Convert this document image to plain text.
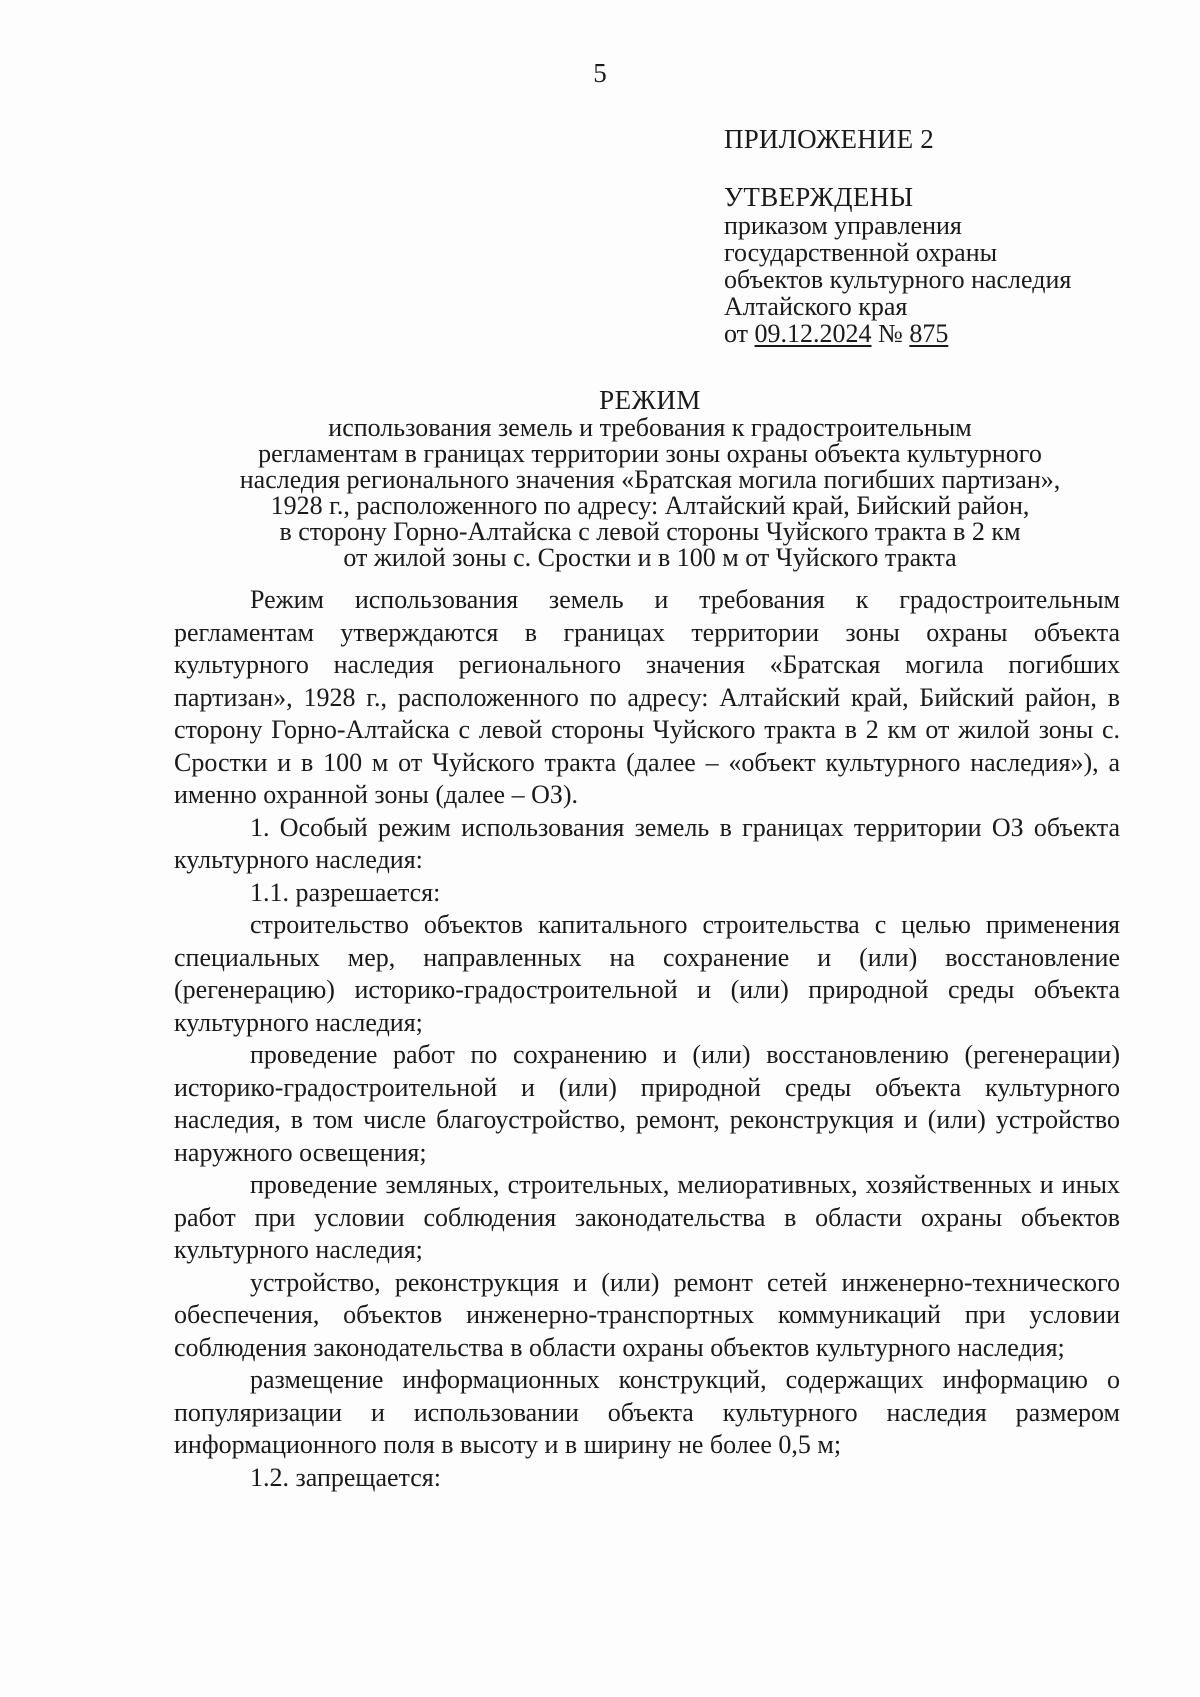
5
ПРИЛОЖЕНИЕ 2
УТВЕРЖДЕНЫ
приказом управления
государственной охраны
объектов культурного наследия
Алтайского края
от 09.12.2024 № 875
РЕЖИМ
использования земель и требования к градостроительным
регламентам в границах территории зоны охраны объекта культурного
наследия регионального значения «Братская могила погибших партизан»,
1928 г., расположенного по адресу: Алтайский край, Бийский район,
в сторону Горно-Алтайска с левой стороны Чуйского тракта в 2 км
от жилой зоны с. Сростки и в 100 м от Чуйского тракта

Режим использования земель и требования к градостроительным регламентам утверждаются в границах территории зоны охраны объекта культурного наследия регионального значения «Братская могила погибших партизан», 1928 г., расположенного по адресу: Алтайский край, Бийский район, в сторону Горно-Алтайска с левой стороны Чуйского тракта в 2 км от жилой зоны с. Сростки и в 100 м от Чуйского тракта (далее – «объект культурного наследия»), а именно охранной зоны (далее – ОЗ).

1. Особый режим использования земель в границах территории ОЗ объекта культурного наследия:

1.1. разрешается:

строительство объектов капитального строительства с целью применения специальных мер, направленных на сохранение и (или) восстановление (регенерацию) историко-градостроительной и (или) природной среды объекта культурного наследия;

проведение работ по сохранению и (или) восстановлению (регенерации) историко-градостроительной и (или) природной среды объекта культурного наследия, в том числе благоустройство, ремонт, реконструкция и (или) устройство наружного освещения;

проведение земляных, строительных, мелиоративных, хозяйственных и иных работ при условии соблюдения законодательства в области охраны объектов культурного наследия;

устройство, реконструкция и (или) ремонт сетей инженерно-технического обеспечения, объектов инженерно-транспортных коммуникаций при условии соблюдения законодательства в области охраны объектов культурного наследия;

размещение информационных конструкций, содержащих информацию о популяризации и использовании объекта культурного наследия размером информационного поля в высоту и в ширину не более 0,5 м;

1.2. запрещается:
